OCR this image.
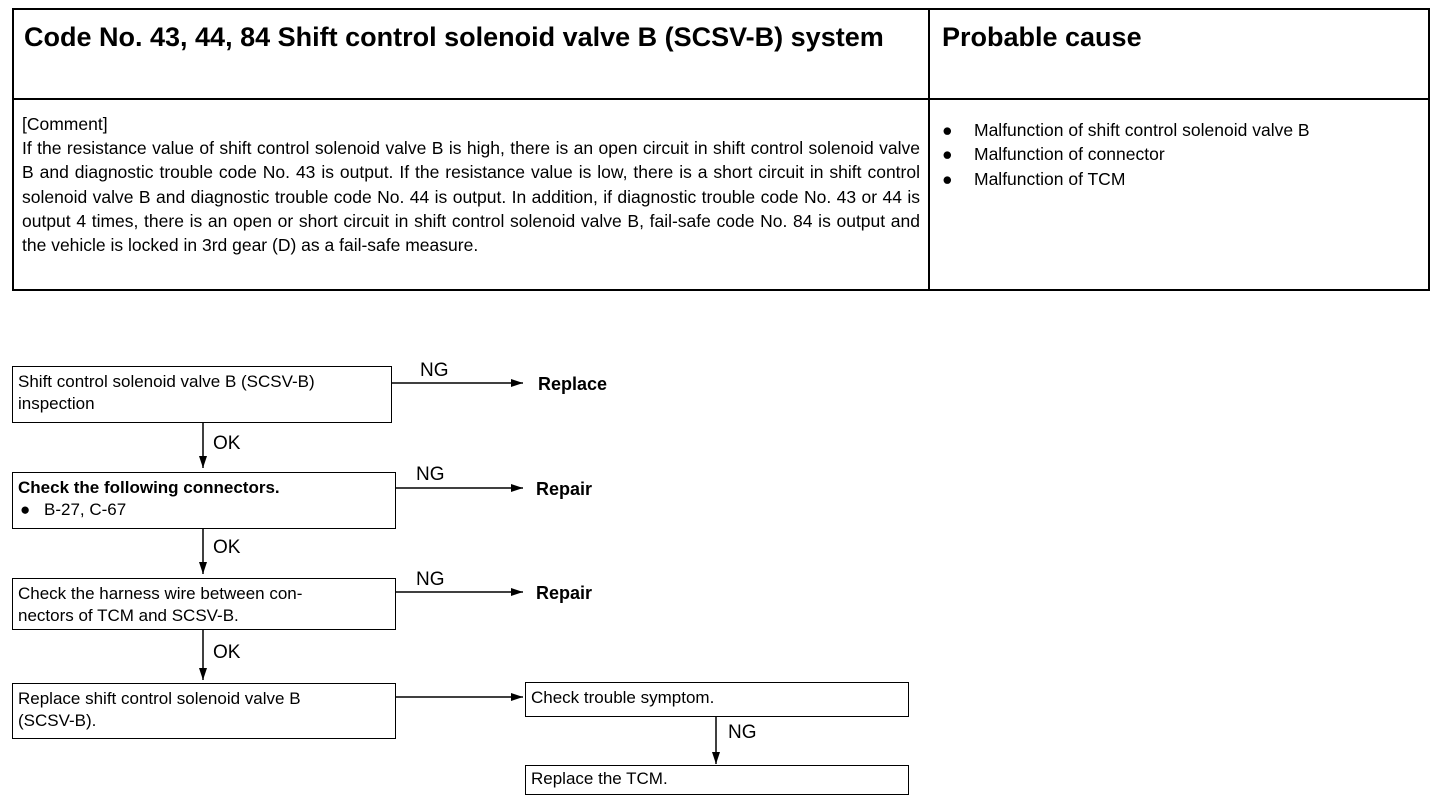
Code No. 43, 44, 84 Shift control solenoid valve B (SCSV-B) system	Probable cause

[Comment]

If the resistance value of shift control solenoid valve B is high, there is an open circuit in shift control solenoid valve B and diagnostic trouble code No. 43 is output. If the resistance value is low, there is a short circuit in shift control solenoid valve B and diagnostic trouble code No. 44 is output. In addition, if diagnostic trouble code No. 43 or 44 is output 4 times, there is an open or short circuit in shift control solenoid valve B, fail-safe code No. 84 is output and the vehicle is locked in 3rd gear (D) as a fail-safe measure.

● Malfunction of shift control solenoid valve B
● Malfunction of connector
● Malfunction of TCM
Shift control solenoid valve B (SCSV-B)
inspection
NG
Replace
OK
Check the following connectors.
● B-27, C-67
NG
Repair
OK
Check the harness wire between con-
nectors of TCM and SCSV-B.
NG
Repair
OK
Replace shift control solenoid valve B
(SCSV-B).
Check trouble symptom.
NG
Replace the TCM.
